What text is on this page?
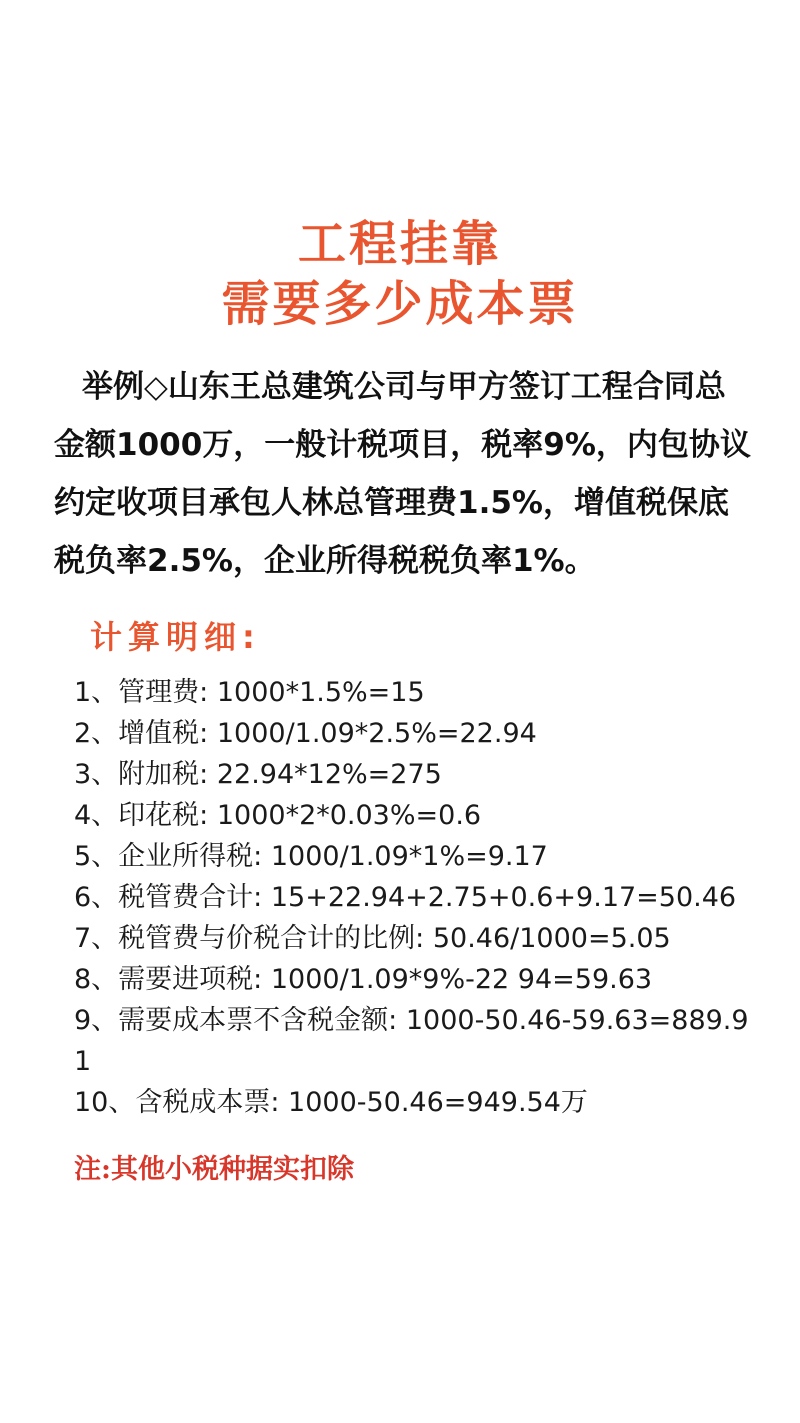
工程挂靠
需要多少成本票
举例◇山东王总建筑公司与甲方签订工程合同总金额1000万，一般计税项目，税率9%，内包协议约定收项目承包人林总管理费1.5%，增值税保底税负率2.5%，企业所得税税负率1%。
计算明细:
1、管理费: 1000*1.5%=15
2、增值税: 1000/1.09*2.5%=22.94
3、附加税: 22.94*12%=275
4、印花税: 1000*2*0.03%=0.6
5、企业所得税: 1000/1.09*1%=9.17
6、税管费合计: 15+22.94+2.75+0.6+9.17=50.46
7、税管费与价税合计的比例: 50.46/1000=5.05
8、需要进项税: 1000/1.09*9%-22 94=59.63
9、需要成本票不含税金额: 1000-50.46-59.63=889.91
10、含税成本票: 1000-50.46=949.54万
注:其他小税种据实扣除
